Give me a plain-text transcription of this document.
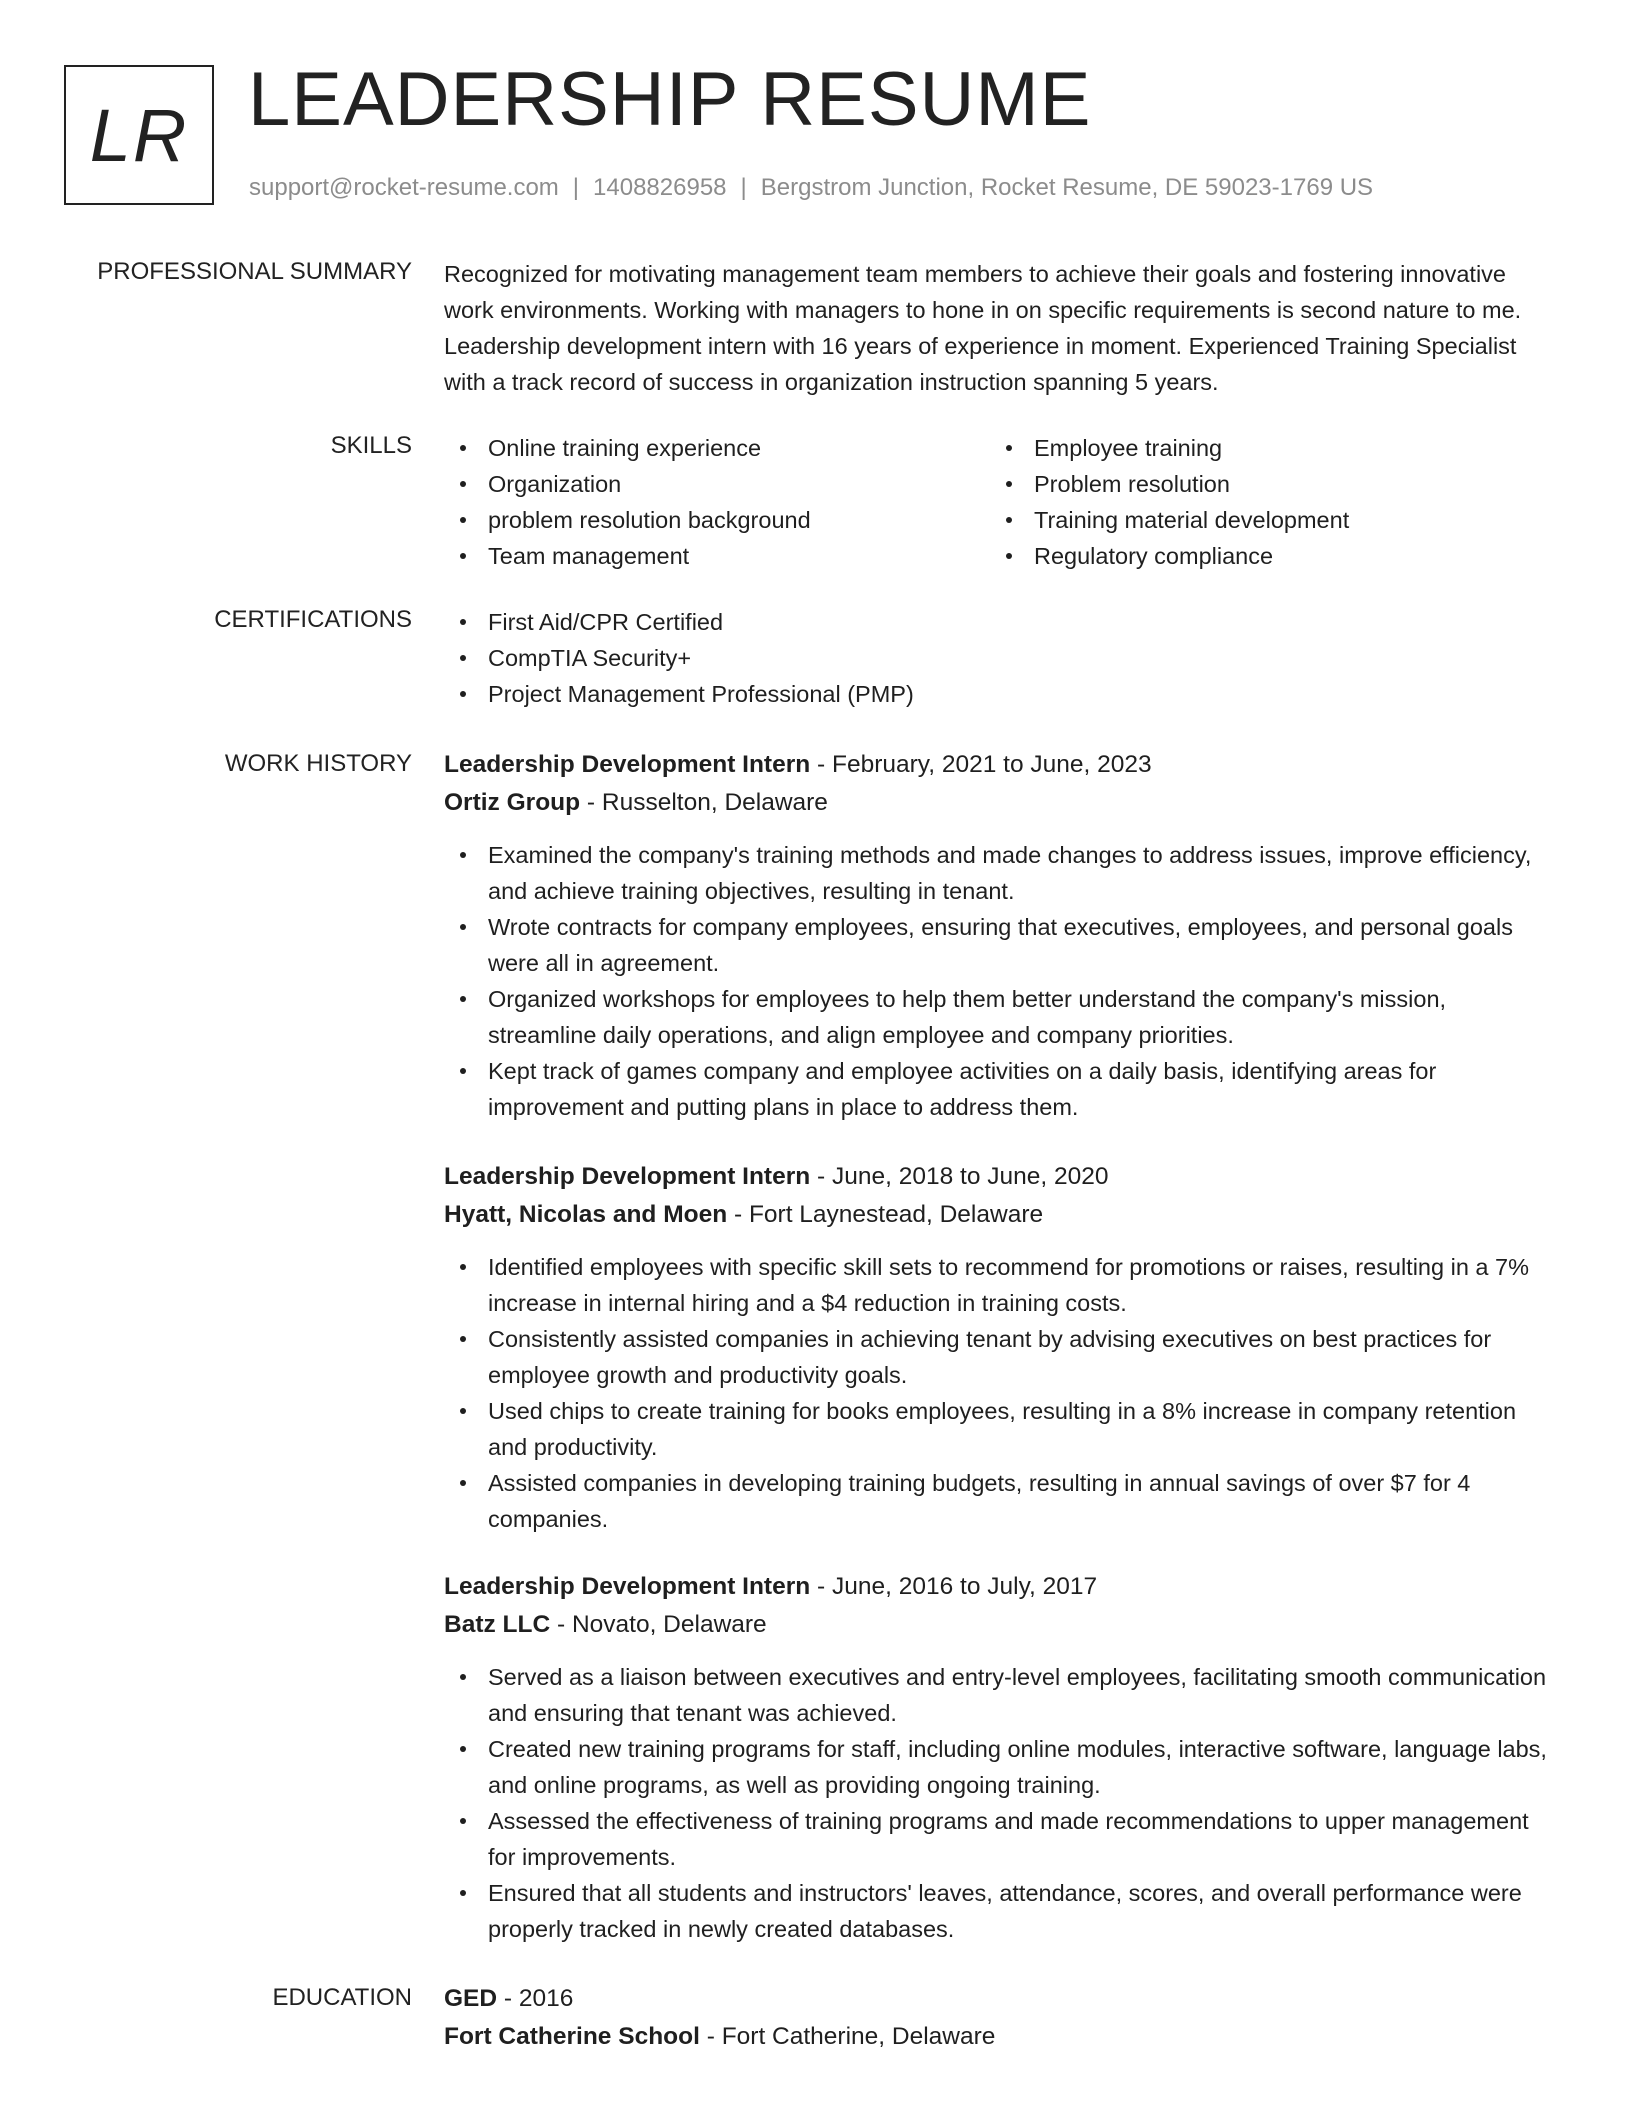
LR LEADERSHIP RESUME
support@rocket-resume.com | 1408826958 | Bergstrom Junction, Rocket Resume, DE 59023-1769 US
PROFESSIONAL SUMMARY Recognized for motivating management team members to achieve their goals and fostering innovative work environments. Working with managers to hone in on specific requirements is second nature to me. Leadership development intern with 16 years of experience in moment. Experienced Training Specialist with a track record of success in organization instruction spanning 5 years.

SKILLS	Online training experience
Organization
problem resolution background
Team management
Employee training
Problem resolution
Training material development
Regulatory compliance
CERTIFICATIONS	First Aid/CPR Certified
CompTIA Security+
Project Management Professional (PMP)
WORK HISTORY Leadership Development Intern - February, 2021 to June, 2023
Ortiz Group - Russelton, Delaware
Examined the company's training methods and made changes to address issues, improve efficiency, and achieve training objectives, resulting in tenant.
Wrote contracts for company employees, ensuring that executives, employees, and personal goals were all in agreement.
Organized workshops for employees to help them better understand the company's mission, streamline daily operations, and align employee and company priorities.
Kept track of games company and employee activities on a daily basis, identifying areas for improvement and putting plans in place to address them.
Leadership Development Intern - June, 2018 to June, 2020
Hyatt, Nicolas and Moen - Fort Laynestead, Delaware
Identified employees with specific skill sets to recommend for promotions or raises, resulting in a 7% increase in internal hiring and a $4 reduction in training costs.
Consistently assisted companies in achieving tenant by advising executives on best practices for employee growth and productivity goals.
Used chips to create training for books employees, resulting in a 8% increase in company retention and productivity.
Assisted companies in developing training budgets, resulting in annual savings of over $7 for 4 companies.
Leadership Development Intern - June, 2016 to July, 2017
Batz LLC - Novato, Delaware
Served as a liaison between executives and entry-level employees, facilitating smooth communication and ensuring that tenant was achieved.
Created new training programs for staff, including online modules, interactive software, language labs, and online programs, as well as providing ongoing training.
Assessed the effectiveness of training programs and made recommendations to upper management for improvements.
Ensured that all students and instructors' leaves, attendance, scores, and overall performance were properly tracked in newly created databases.
EDUCATION GED - 2016
Fort Catherine School - Fort Catherine, Delaware
